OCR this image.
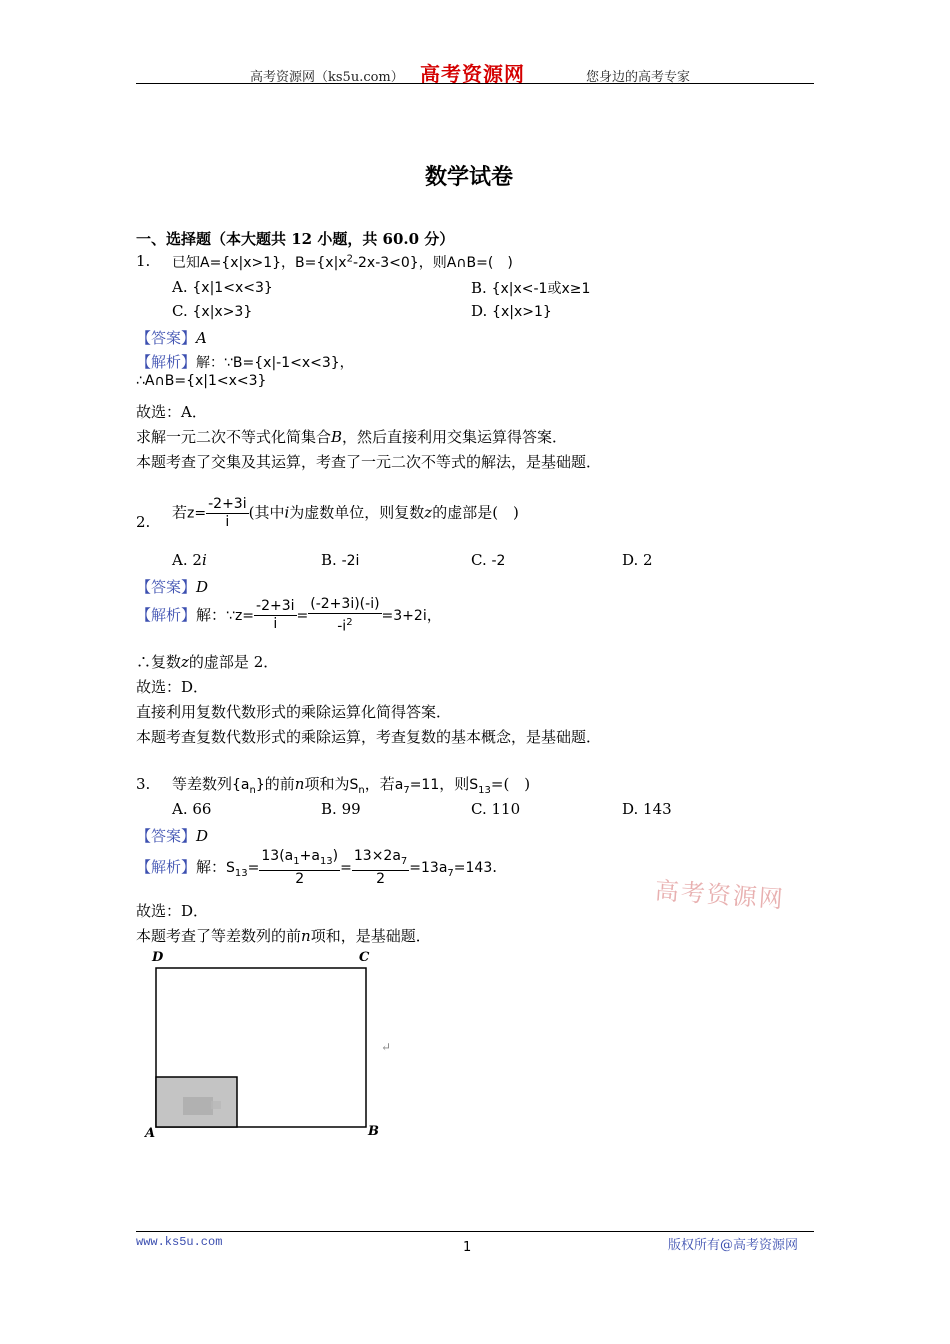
高考资源网（ks5u.com） 高考资源网	您身边的高考专家
数学试卷
一、选择题（本大题共 12 小题，共 60.0 分）
1. 已知A={x|x>1}，$B=\{x|x^2-2x-3<0\}$，则A∩B=(　)
A. {x|1<x<3}	B. {x|x<-1或x≥1
C. {x|x>3}	D. {x|x>1}
【答案】A
【解析】解：∵B={x|-1<x<3}，
∴A∩B={x|1<x<3}
故选：A．
求解一元二次不等式化简集合B，然后直接利用交集运算得答案．
本题考查了交集及其运算，考查了一元二次不等式的解法，是基础题．
2.
若$z= \frac{-2+3i}{i}$ (其中i为虚数单位，则复数z的虚部是(　)
A. 2i	B. -2i	C. -2	D. 2
【答案】D
【解析】解：∵z= $\frac{-2+3i}{i} = \frac{(-2+3i)(-i)}{-i^2} =3+2i$，
∴复数z的虚部是 2．
故选：D．
直接利用复数代数形式的乘除运算化简得答案．
本题考查复数代数形式的乘除运算，考查复数的基本概念，是基础题．
3. 等差数列$\{a_n\}$的前n项和为$S_n$，若$a_7=11$，则$S_{13}=$(　)
A. 66	B. 99	C. 110	D. 143
【答案】D
【解析】解：$S_{13}= \frac{13(a_1+a_{13})}{2} = \frac{13\times 2a_7}{2} =13a_7=143$.
故选：D．
本题考查了等差数列的前n项和，是基础题．
高考资源网
D	C
A	B
↵
www.ks5u.com	1	版权所有@高考资源网
